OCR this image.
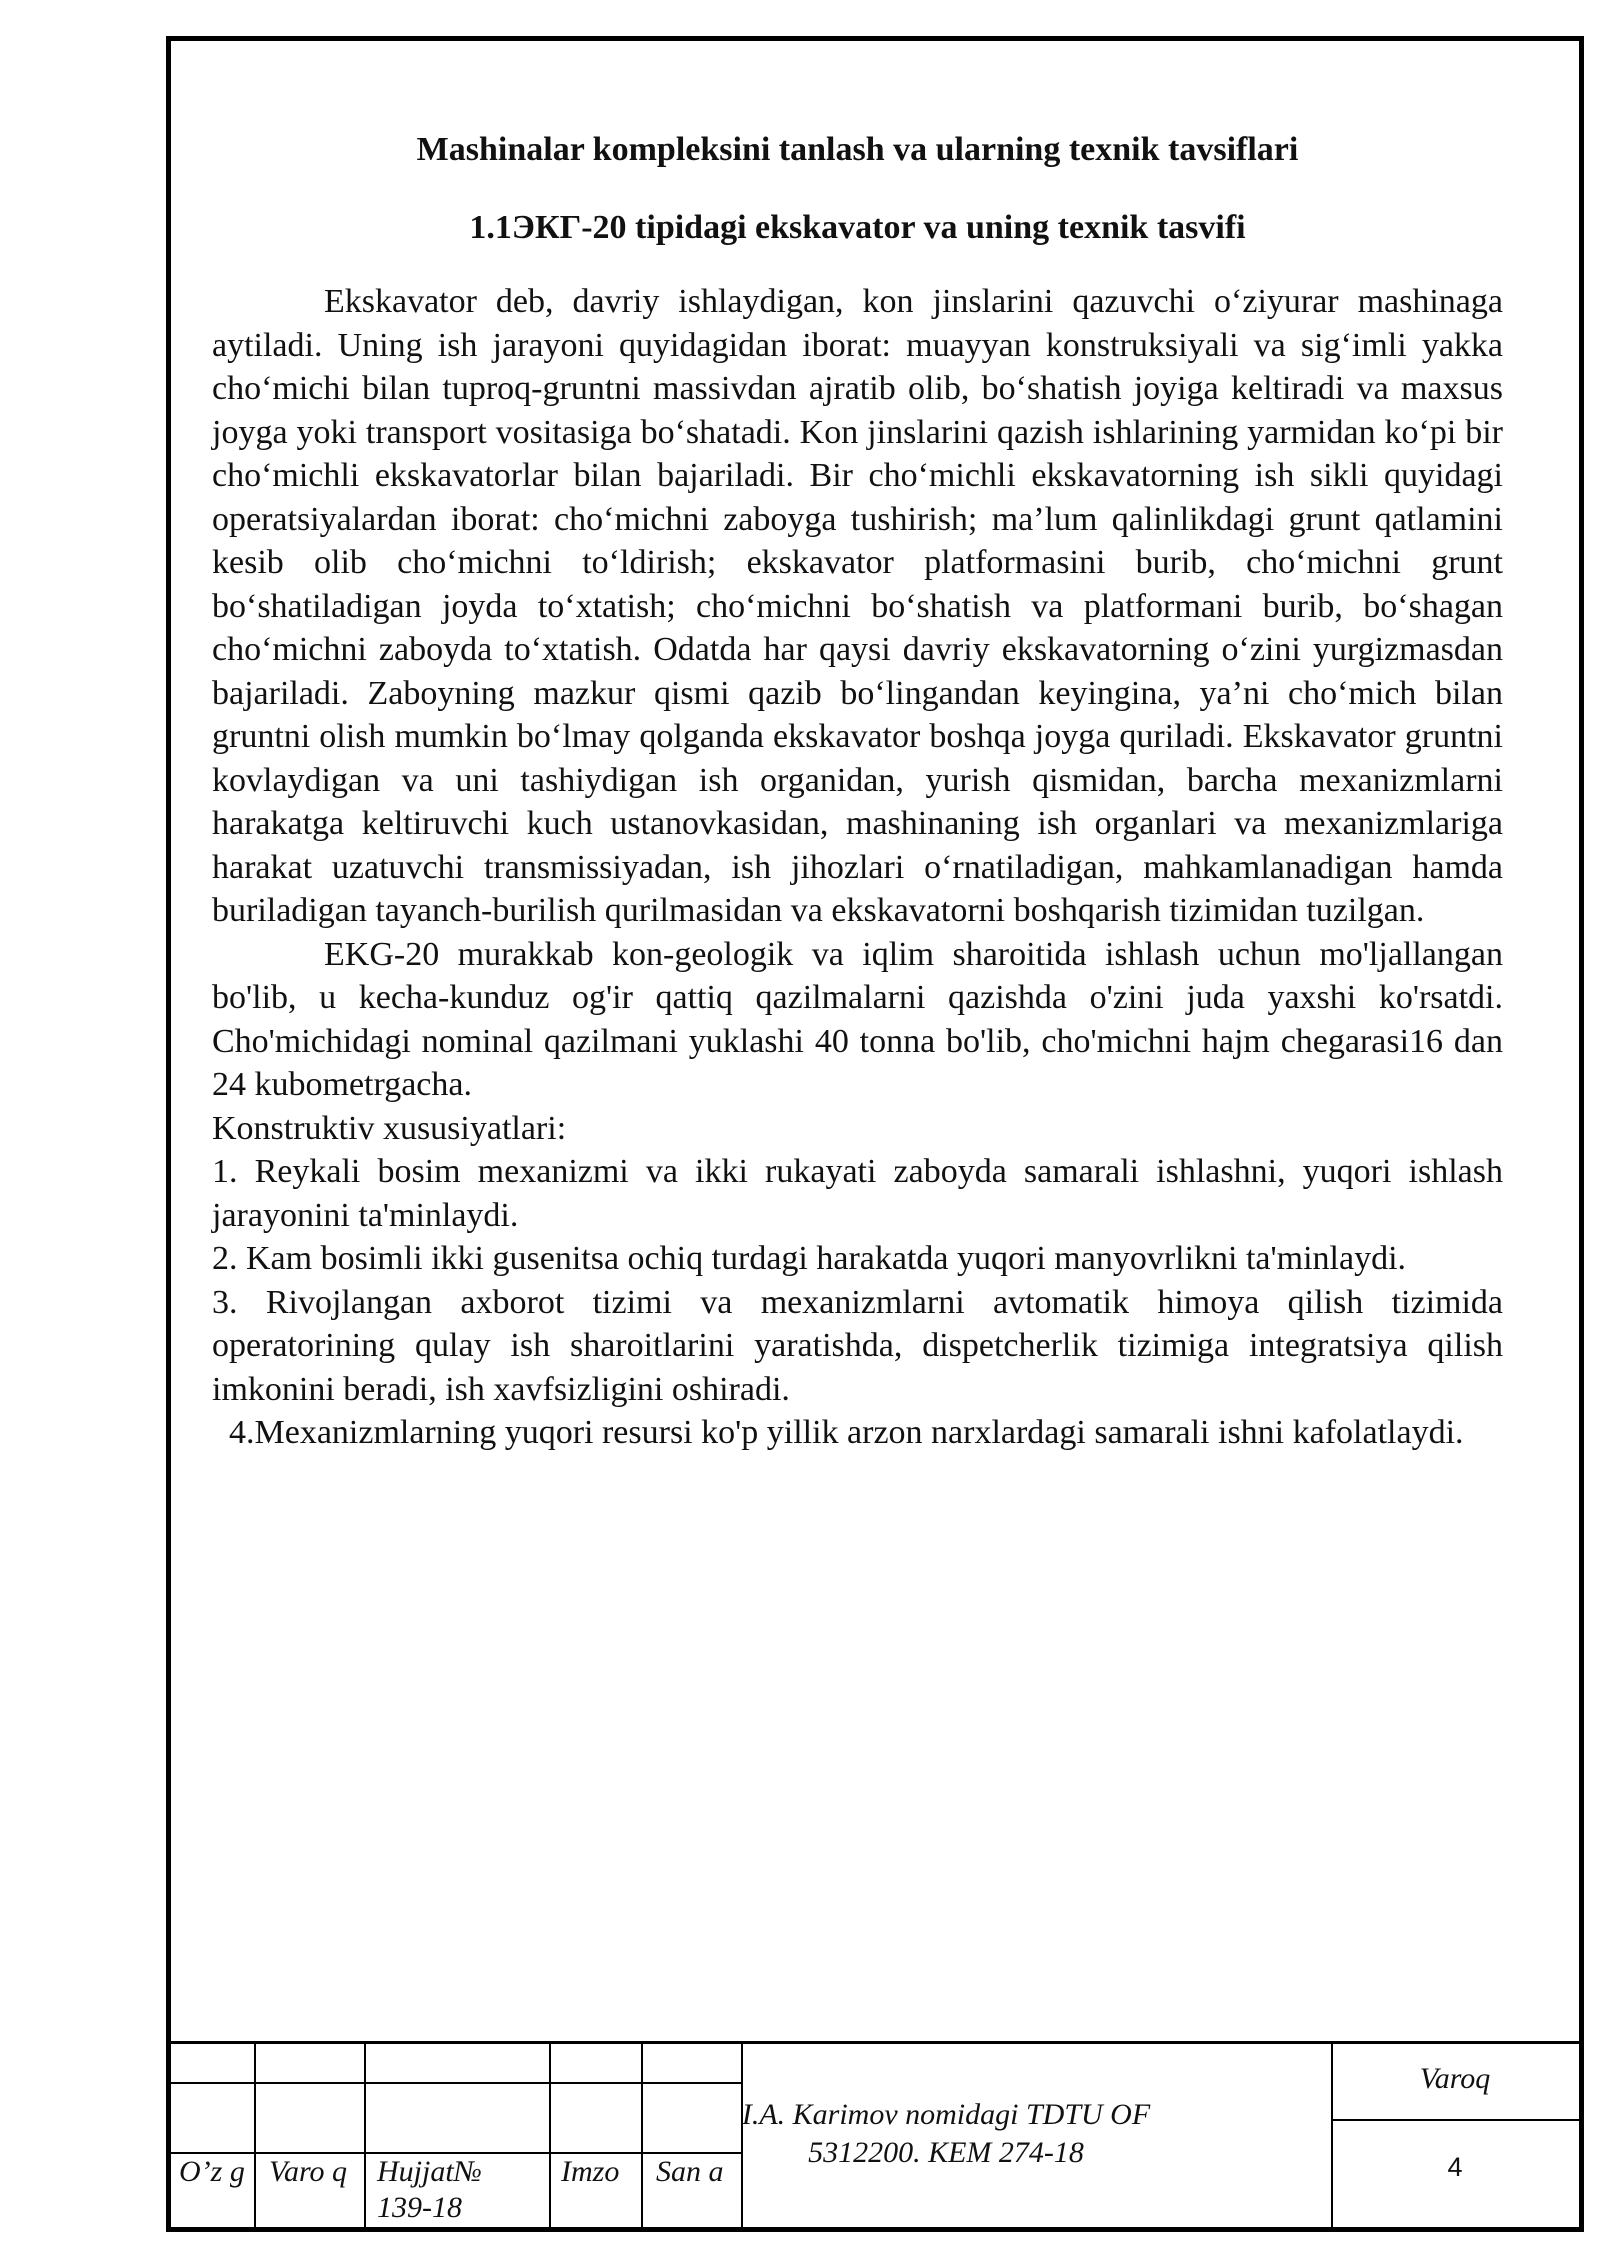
Mashinalar kompleksini tanlash va ularning texnik tavsiflari
1.1ЭКГ-20 tipidagi ekskavator va uning texnik tasvifi

Ekskavator deb, davriy ishlaydigan, kon jinslarini qazuvchi o‘ziyurar mashinaga aytiladi. Uning ish jarayoni quyidagidan iborat: muayyan konstruksiyali va sig‘imli yakka cho‘michi bilan tuproq-gruntni massivdan ajratib olib, bo‘shatish joyiga keltiradi va maxsus joyga yoki transport vositasiga bo‘shatadi. Kon jinslarini qazish ishlarining yarmidan ko‘pi bir cho‘michli ekskavatorlar bilan bajariladi. Bir cho‘michli ekskavatorning ish sikli quyidagi operatsiyalardan iborat: cho‘michni zaboyga tushirish; ma’lum qalinlikdagi grunt qatlamini kesib olib cho‘michni to‘ldirish; ekskavator platformasini burib, cho‘michni grunt bo‘shatiladigan joyda to‘xtatish; cho‘michni bo‘shatish va platformani burib, bo‘shagan cho‘michni zaboyda to‘xtatish. Odatda har qaysi davriy ekskavatorning o‘zini yurgizmasdan bajariladi. Zaboyning mazkur qismi qazib bo‘lingandan keyingina, ya’ni cho‘mich bilan gruntni olish mumkin bo‘lmay qolganda ekskavator boshqa joyga quriladi. Ekskavator gruntni kovlaydigan va uni tashiydigan ish organidan, yurish qismidan, barcha mexanizmlarni harakatga keltiruvchi kuch ustanovkasidan, mashinaning ish organlari va mexanizmlariga harakat uzatuvchi transmissiyadan, ish jihozlari o‘rnatiladigan, mahkamlanadigan hamda buriladigan tayanch-burilish qurilmasidan va ekskavatorni boshqarish tizimidan tuzilgan.

EKG-20 murakkab kon-geologik va iqlim sharoitida ishlash uchun mo'ljallangan bo'lib, u kecha-kunduz og'ir qattiq qazilmalarni qazishda o'zini juda yaxshi ko'rsatdi. Cho'michidagi nominal qazilmani yuklashi 40 tonna bo'lib, cho'michni hajm chegarasi16 dan 24 kubometrgacha.

Konstruktiv xususiyatlari:

1. Reykali bosim mexanizmi va ikki rukayati zaboyda samarali ishlashni, yuqori ishlash jarayonini ta'minlaydi.

2. Kam bosimli ikki gusenitsa ochiq turdagi harakatda yuqori manyovrlikni ta'minlaydi.

3. Rivojlangan axborot tizimi va mexanizmlarni avtomatik himoya qilish tizimida operatorining qulay ish sharoitlarini yaratishda, dispetcherlik tizimiga integratsiya qilish imkonini beradi, ish xavfsizligini oshiradi.

4.Mexanizmlarning yuqori resursi ko'p yillik arzon narxlardagi samarali ishni kafolatlaydi.

O’z g Varo q Hujjat№ 139-18
Imzo	San a
I.A. Karimov nomidagi TDTU OF 5312200. KEM 274-18
Varoq
4
